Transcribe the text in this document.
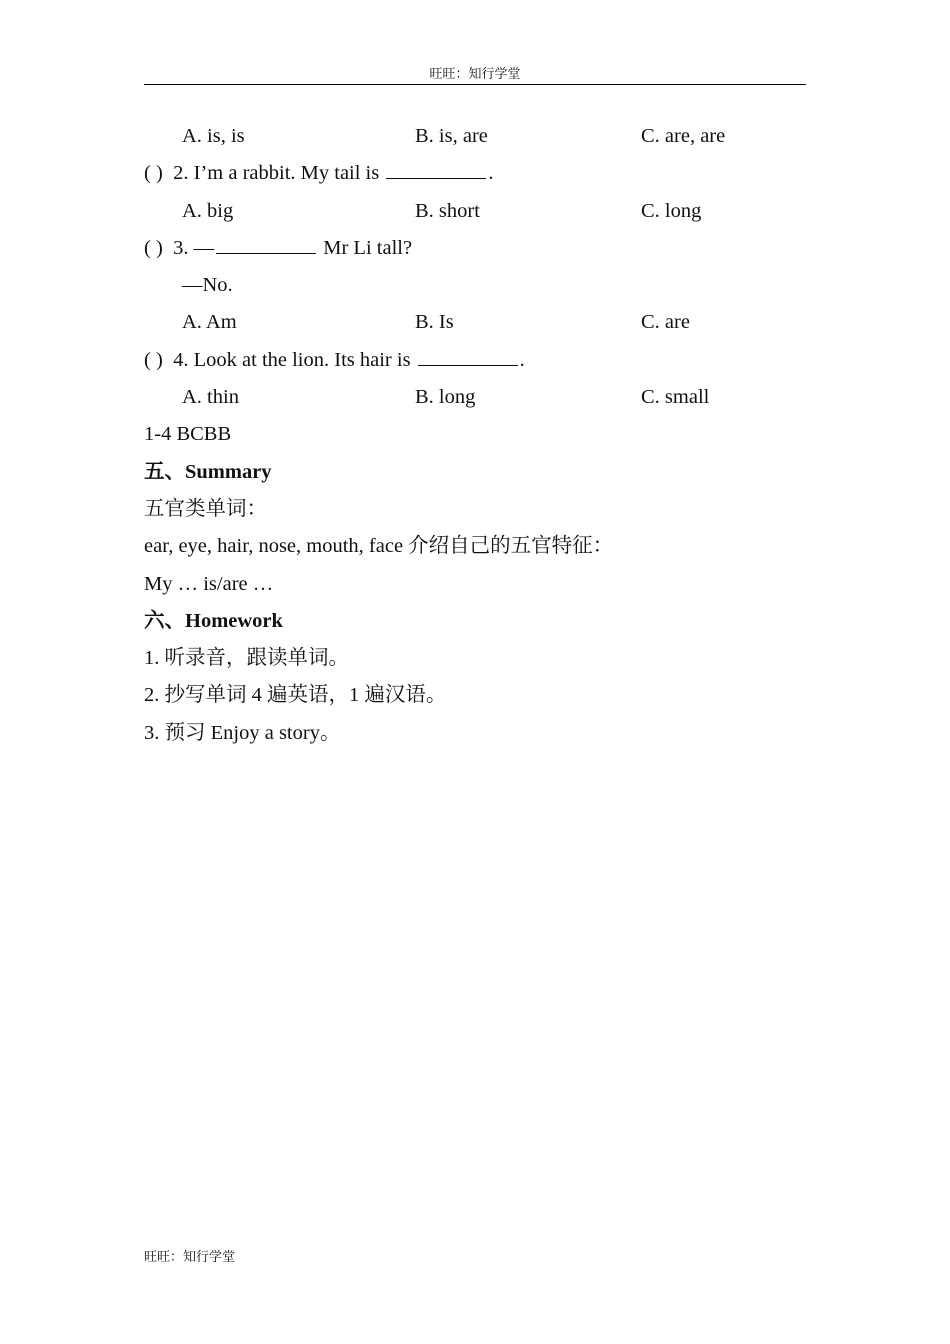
旺旺：知行学堂
A. is, is	B. is, are	C. are, are
( ) 2. I’m a rabbit. My tail is	.
A. big	B. short	C. long
( ) 3. —	Mr Li tall?
—No.
A. Am	B. Is	C. are
( ) 4. Look at the lion. Its hair is	.
A. thin	B. long	C. small
1-4 BCBB
五、Summary
五官类单词：
ear, eye, hair, nose, mouth, face 介绍自己的五官特征：
My … is/are …
六、Homework
1. 听录音，跟读单词。
2. 抄写单词 4 遍英语，1 遍汉语。
3. 预习 Enjoy a story。
旺旺：知行学堂
